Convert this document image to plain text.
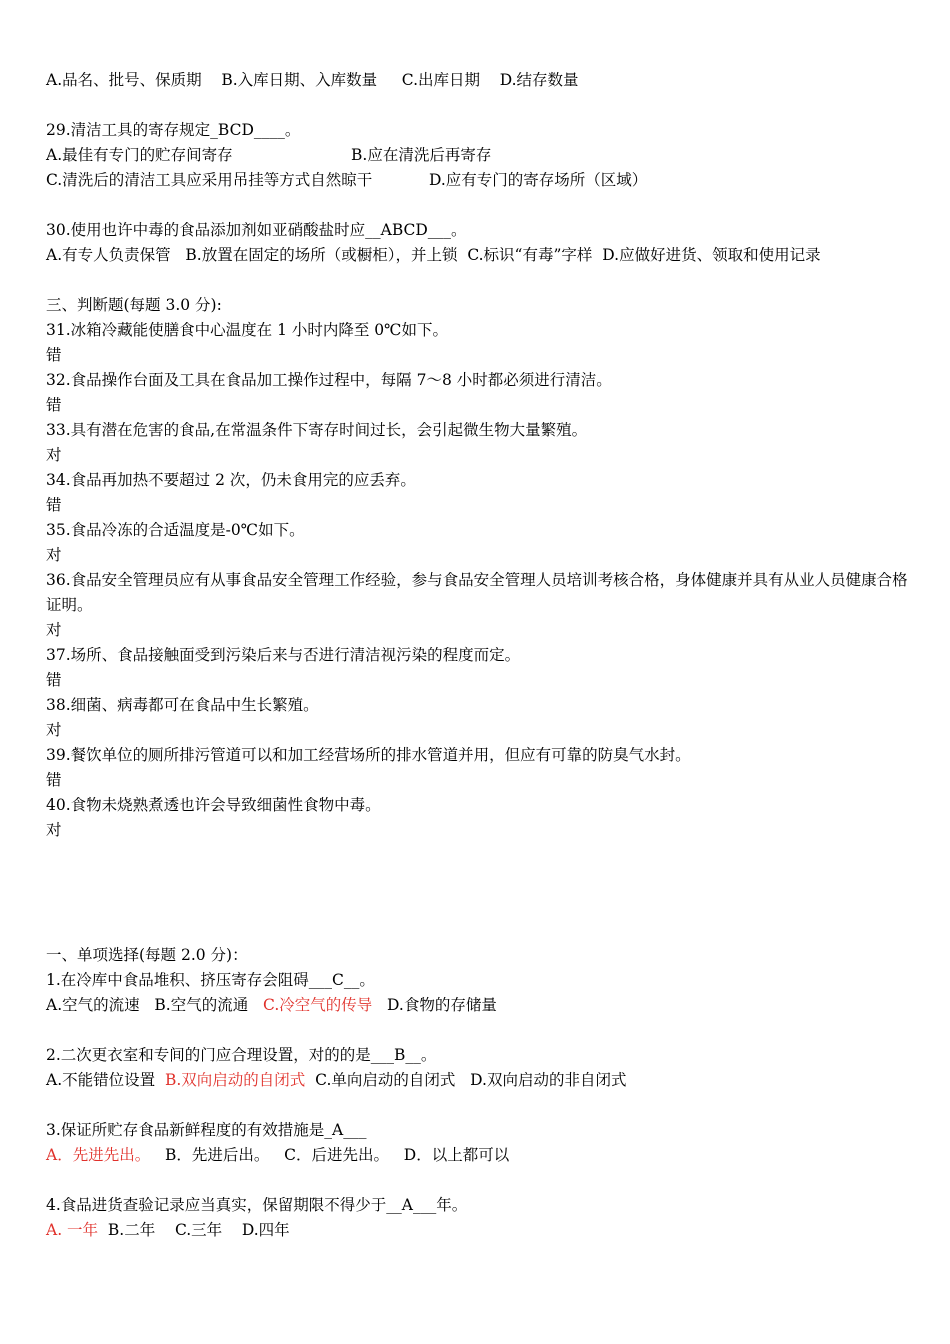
A.品名、批号、保质期    B.入库日期、入库数量     C.出库日期    D.结存数量
29.清洁工具的寄存规定_BCD____。
A.最佳有专门的贮存间寄存	B.应在清洗后再寄存
C.清洗后的清洁工具应采用吊挂等方式自然晾干	D.应有专门的寄存场所（区域）
30.使用也许中毒的食品添加剂如亚硝酸盐时应__ABCD___。
A.有专人负责保管   B.放置在固定的场所（或橱柜），并上锁  C.标识“有毒”字样  D.应做好进货、领取和使用记录
三、判断题(每题 3.0 分):
31.冰箱冷藏能使膳食中心温度在 1 小时内降至 0℃如下。
错
32.食品操作台面及工具在食品加工操作过程中，每隔 7～8 小时都必须进行清洁。
错
33.具有潜在危害的食品,在常温条件下寄存时间过长，会引起微生物大量繁殖。
对
34.食品再加热不要超过 2 次，仍未食用完的应丢弃。
错
35.食品冷冻的合适温度是-0℃如下。
对
36.食品安全管理员应有从事食品安全管理工作经验，参与食品安全管理人员培训考核合格，身体健康并具有从业人员健康合格证明。
对
37.场所、食品接触面受到污染后来与否进行清洁视污染的程度而定。
错
38.细菌、病毒都可在食品中生长繁殖。
对
39.餐饮单位的厕所排污管道可以和加工经营场所的排水管道并用，但应有可靠的防臭气水封。
错
40.食物未烧熟煮透也许会导致细菌性食物中毒。
对
一、单项选择(每题 2.0 分)：
1.在冷库中食品堆积、挤压寄存会阻碍___C__。
A.空气的流速   B.空气的流通   C.冷空气的传导   D.食物的存储量
2.二次更衣室和专间的门应合理设置，对的的是___B__。
A.不能错位设置  B.双向启动的自闭式  C.单向启动的自闭式   D.双向启动的非自闭式
3.保证所贮存食品新鲜程度的有效措施是_A___
A．先进先出。   B．先进后出。   C．后进先出。   D．以上都可以
4.食品进货查验记录应当真实，保留期限不得少于__A___年。
A. 一年  B.二年    C.三年    D.四年
